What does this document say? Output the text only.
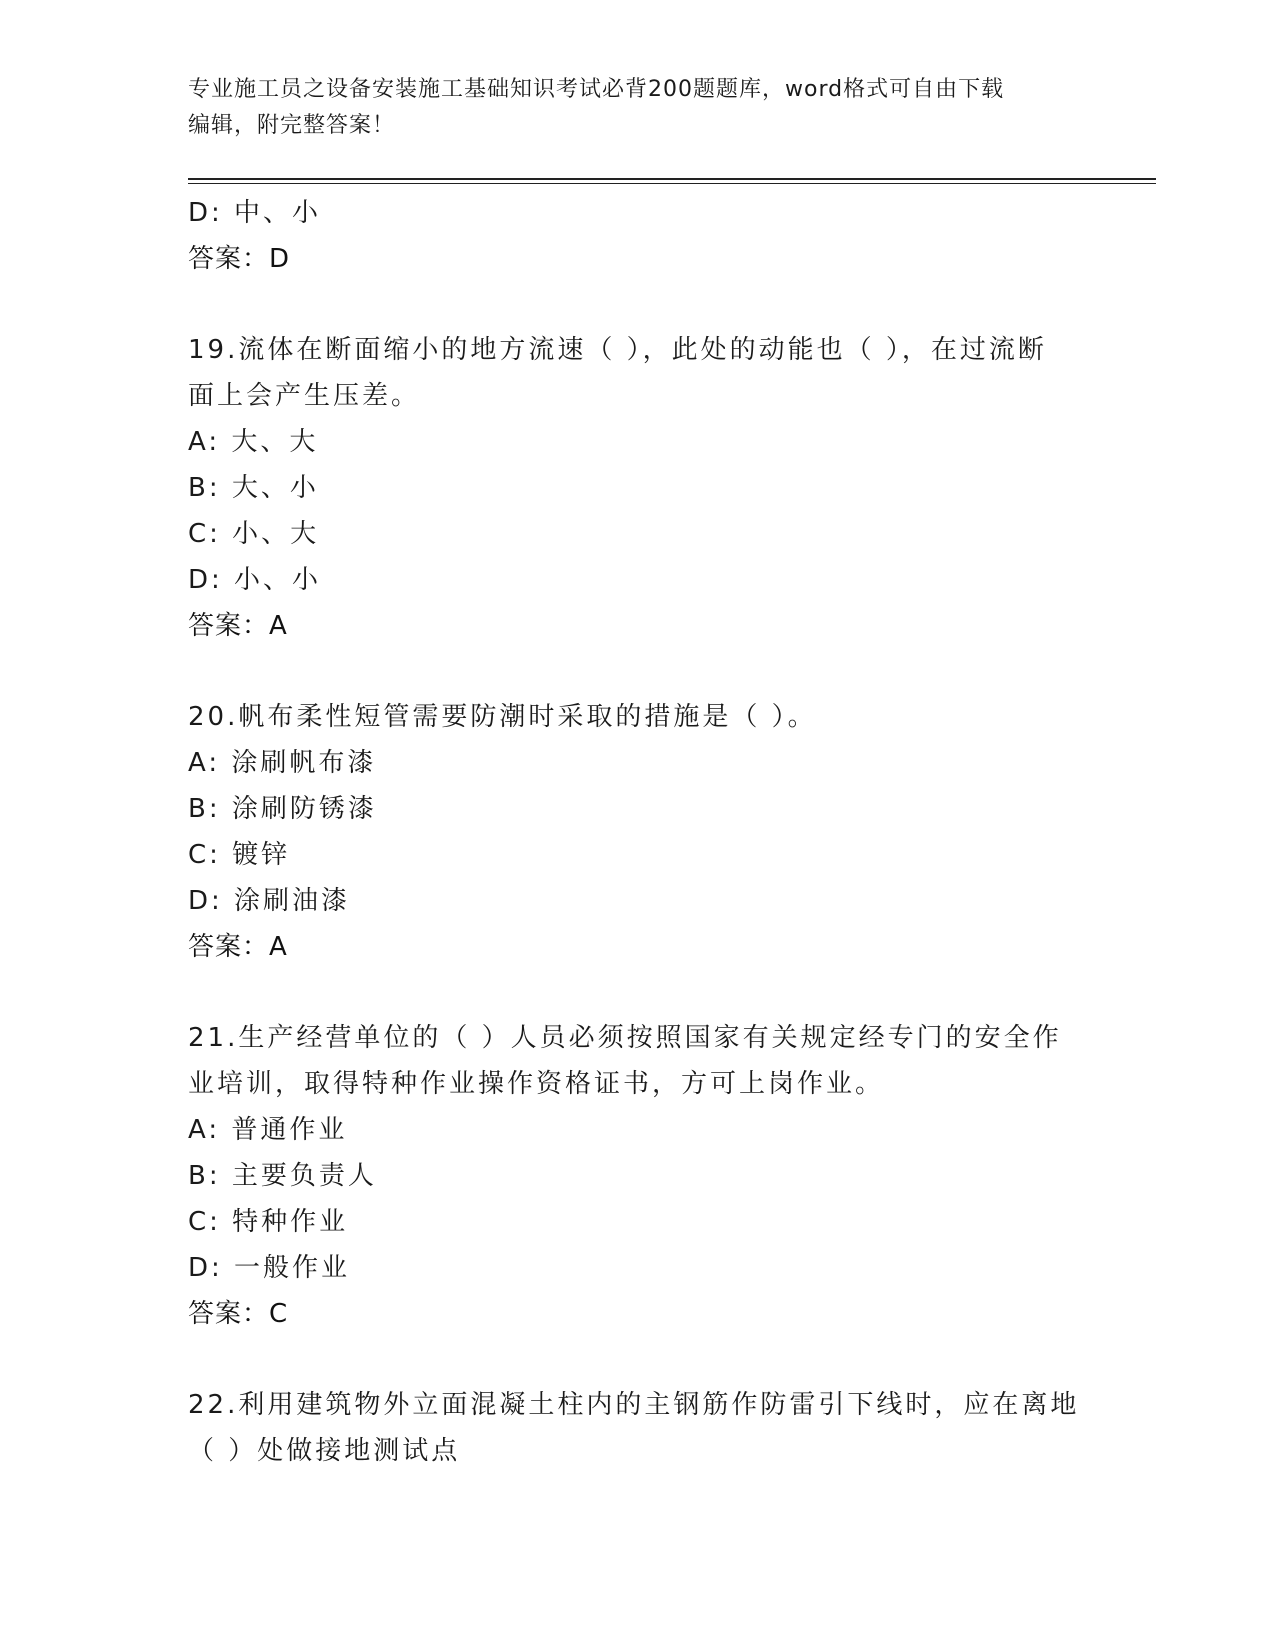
专业施工员之设备安装施工基础知识考试必背200题题库，word格式可自由下载
编辑，附完整答案！
D: 中、小
答案：D
19.流体在断面缩小的地方流速（ ），此处的动能也（ ），在过流断
面上会产生压差。
A: 大、大
B: 大、小
C: 小、大
D: 小、小
答案：A
20.帆布柔性短管需要防潮时采取的措施是（ ）。
A: 涂刷帆布漆
B: 涂刷防锈漆
C: 镀锌
D: 涂刷油漆
答案：A
21.生产经营单位的（ ）人员必须按照国家有关规定经专门的安全作
业培训，取得特种作业操作资格证书，方可上岗作业。
A: 普通作业
B: 主要负责人
C: 特种作业
D: 一般作业
答案：C
22.利用建筑物外立面混凝土柱内的主钢筋作防雷引下线时，应在离地
（ ）处做接地测试点
